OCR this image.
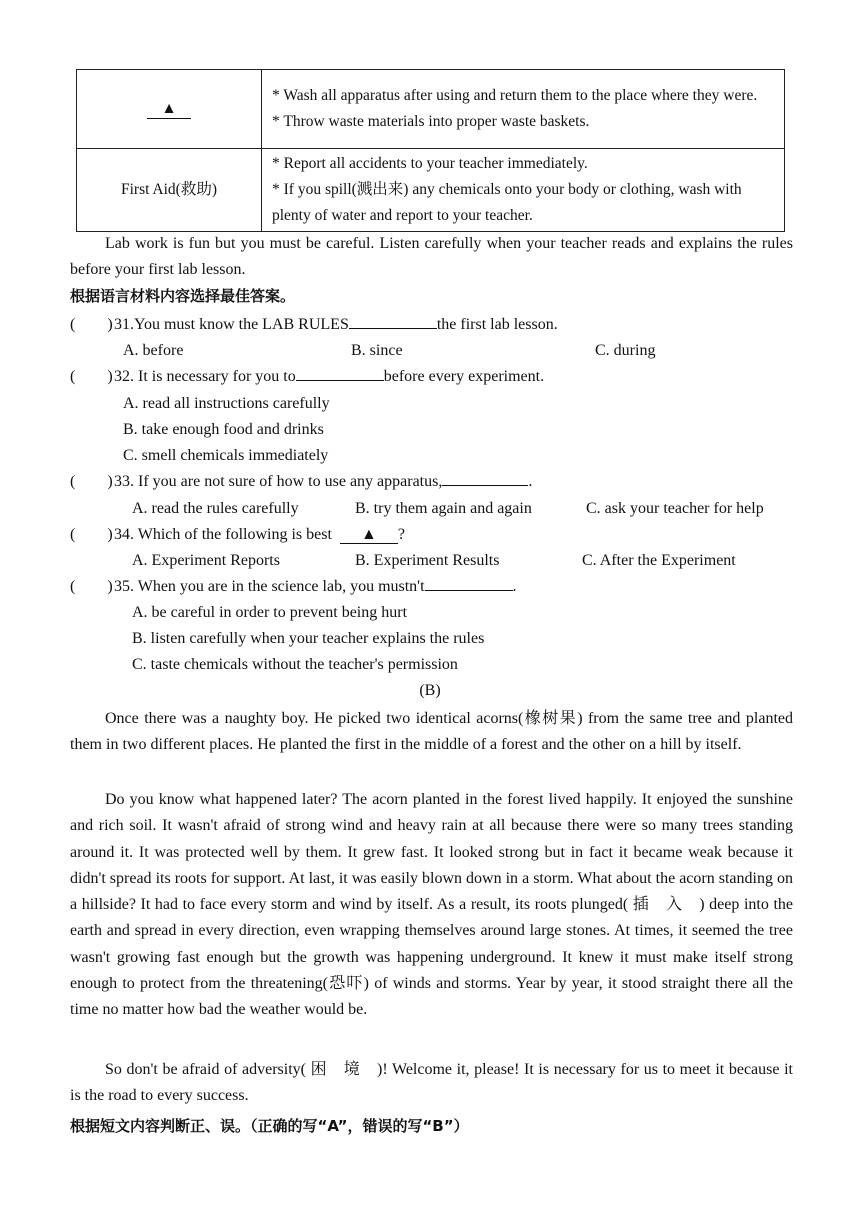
▲	* Wash all apparatus after using and return them to the place where they were.
* Throw waste materials into proper waste baskets.

First Aid(救助)	* Report all accidents to your teacher immediately.
* If you spill(溅出来) any chemicals onto your body or clothing, wash with plenty of water and report to your teacher.
Lab work is fun but you must be careful. Listen carefully when your teacher reads and explains the rules before your first lab lesson.
根据语言材料内容选择最佳答案。
(        )31.You must know the LAB RULES	the first lab lesson.
A. before	B. since	C. during
(        )32. It is necessary for you to	before every experiment.
A. read all instructions carefully
B. take enough food and drinks
C. smell chemicals immediately
(        )33. If you are not sure of how to use any apparatus,	.
A. read the rules carefully	B. try them again and again	C. ask your teacher for help
(        )34. Which of the following is best ▲ ?
A. Experiment Reports	B. Experiment Results	C. After the Experiment
(        )35. When you are in the science lab, you mustn't	.
A. be careful in order to prevent being hurt
B. listen carefully when your teacher explains the rules
C. taste chemicals without the teacher's permission
(B)
Once there was a naughty boy. He picked two identical acorns(橡树果) from the same tree and planted them in two different places. He planted the first in the middle of a forest and the other on a hill by itself.
Do you know what happened later? The acorn planted in the forest lived happily. It enjoyed the sunshine and rich soil. It wasn't afraid of strong wind and heavy rain at all because there were so many trees standing around it. It was protected well by them. It grew fast. It looked strong but in fact it became weak because it didn't spread its roots for support. At last, it was easily blown down in a storm. What about the acorn standing on a hillside? It had to face every storm and wind by itself. As a result, its roots plunged( 插　入　) deep into the earth and spread in every direction, even wrapping themselves around large stones. At times, it seemed the tree wasn't growing fast enough but the growth was happening underground. It knew it must make itself strong enough to protect from the threatening(恐吓) of winds and storms. Year by year, it stood straight there all the time no matter how bad the weather would be.
So don't be afraid of adversity( 困　境　)! Welcome it, please! It is necessary for us to meet it because it is the road to every success.
根据短文内容判断正、误。（正确的写“A”，错误的写“B”）
